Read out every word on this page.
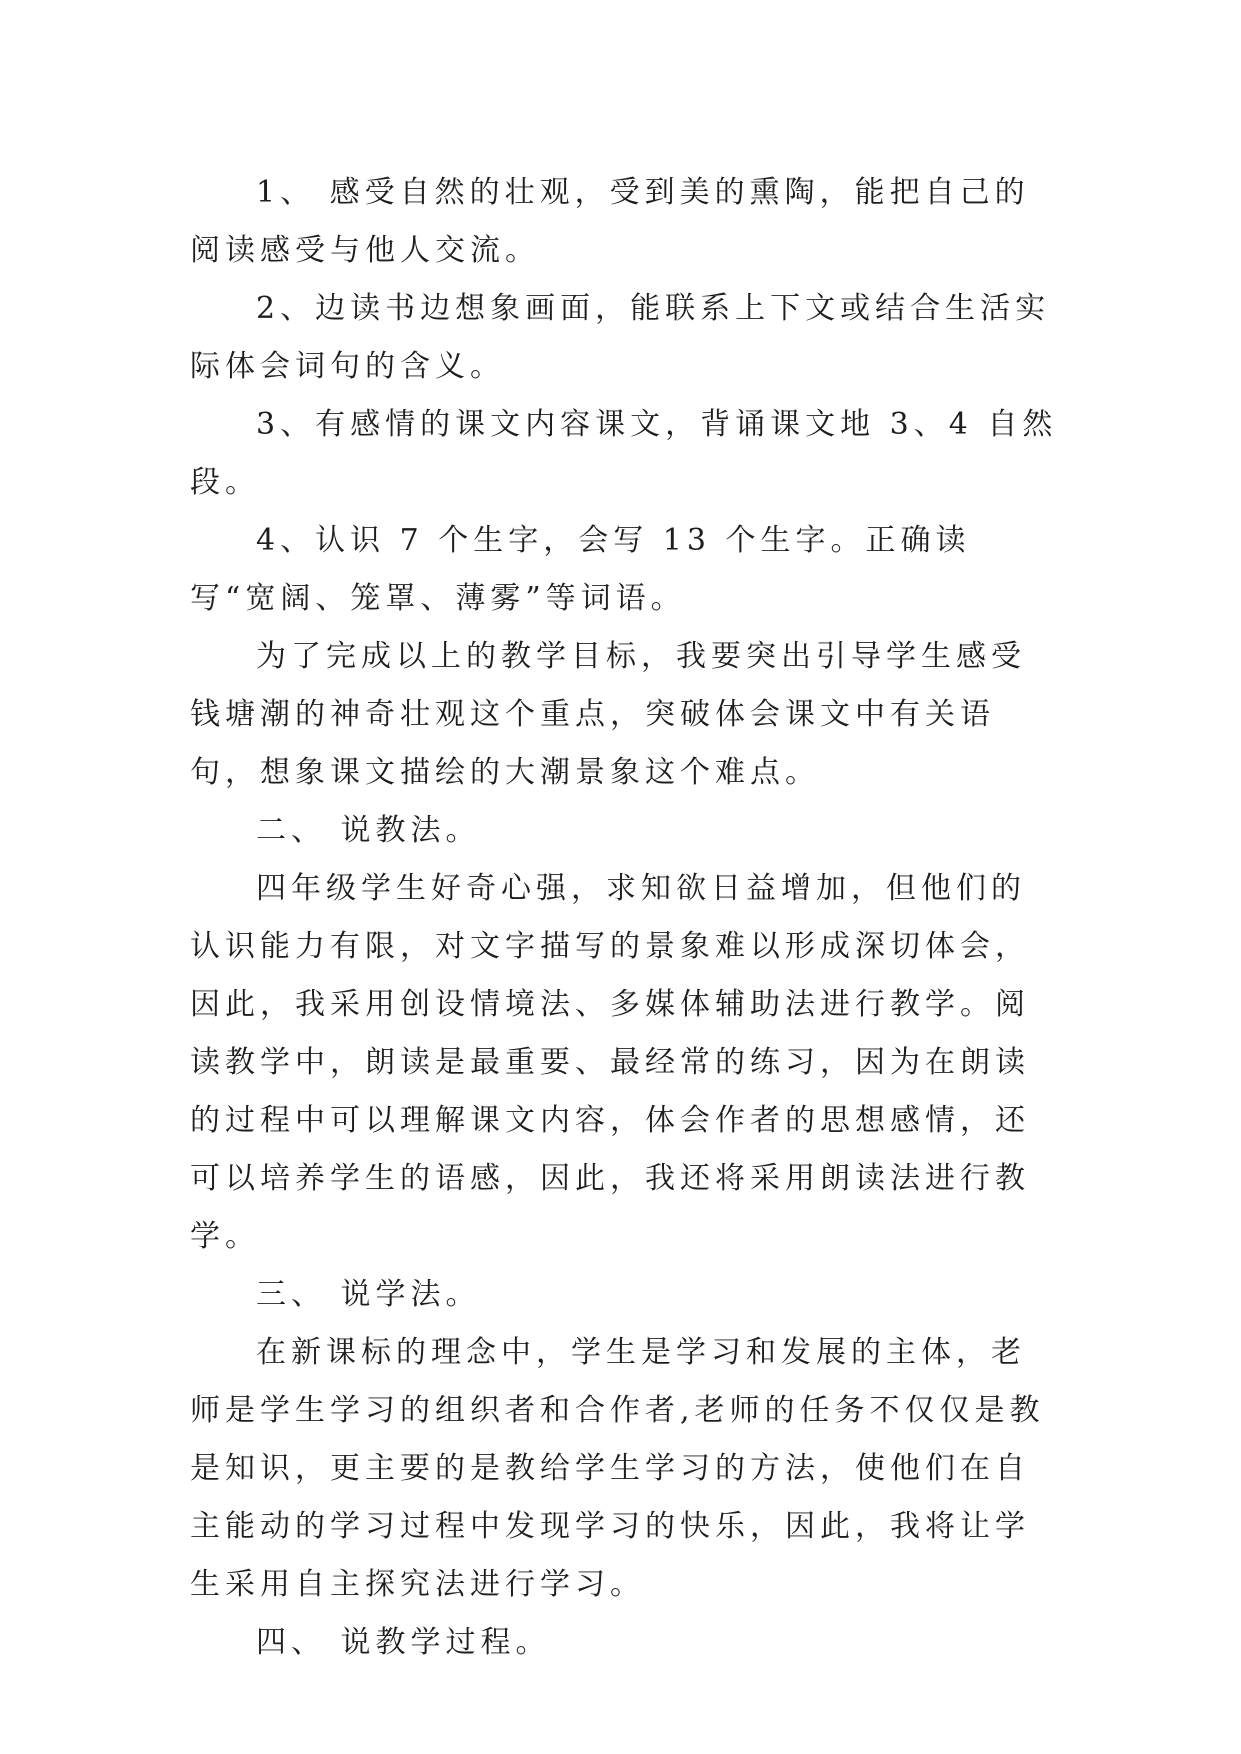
1、 感受自然的壮观，受到美的熏陶，能把自己的阅读感受与他人交流。

2、边读书边想象画面，能联系上下文或结合生活实际体会词句的含义。

3、有感情的课文内容课文，背诵课文地 3、4 自然段。

4、认识 7 个生字，会写 13 个生字。正确读写“宽阔、笼罩、薄雾”等词语。

为了完成以上的教学目标，我要突出引导学生感受钱塘潮的神奇壮观这个重点，突破体会课文中有关语句，想象课文描绘的大潮景象这个难点。

二、 说教法。

四年级学生好奇心强，求知欲日益增加，但他们的认识能力有限，对文字描写的景象难以形成深切体会，因此，我采用创设情境法、多媒体辅助法进行教学。阅读教学中，朗读是最重要、最经常的练习，因为在朗读的过程中可以理解课文内容，体会作者的思想感情，还可以培养学生的语感，因此，我还将采用朗读法进行教学。

三、 说学法。

在新课标的理念中，学生是学习和发展的主体，老师是学生学习的组织者和合作者,老师的任务不仅仅是教是知识，更主要的是教给学生学习的方法，使他们在自主能动的学习过程中发现学习的快乐，因此，我将让学生采用自主探究法进行学习。

四、 说教学过程。
